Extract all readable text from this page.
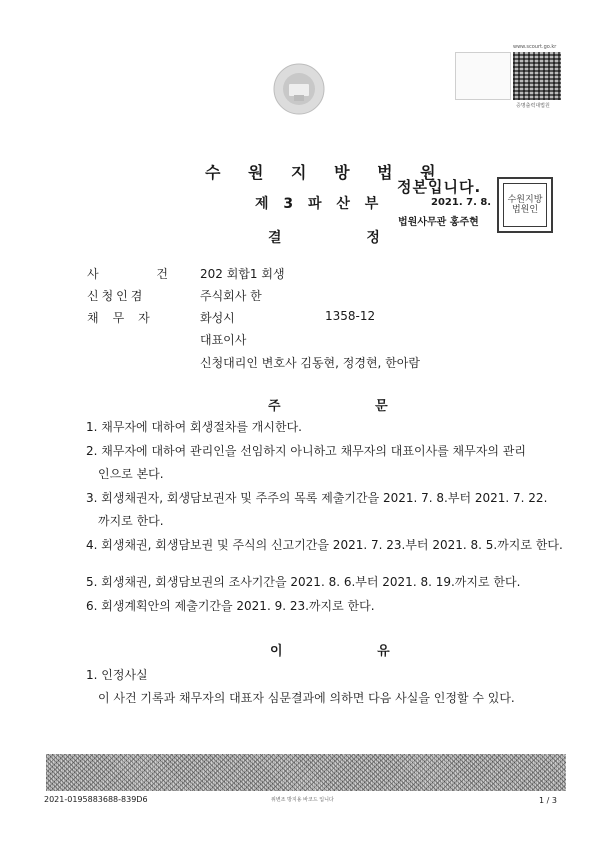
www.scourt.go.kr
증명출력대법원
수 원 지 방 법 원
제 3 파 산 부
결 정
정본입니다.
2021. 7. 8.
법원사무관 홍주현
수원지방법원인
사 건 202 회합1 회생
신청인겸	주식회사 한
채무자	화성시	1358-12
대표이사
신청대리인 변호사 김동현, 정경현, 한아람
주 문
1. 채무자에 대하여 회생절차를 개시한다.
2. 채무자에 대하여 관리인을 선임하지 아니하고 채무자의 대표이사를 채무자의 관리
인으로 본다.
3. 회생채권자, 회생담보권자 및 주주의 목록 제출기간을 2021. 7. 8.부터 2021. 7. 22.
까지로 한다.
4. 회생채권, 회생담보권 및 주식의 신고기간을 2021. 7. 23.부터 2021. 8. 5.까지로 한다.
5. 회생채권, 회생담보권의 조사기간을 2021. 8. 6.부터 2021. 8. 19.까지로 한다.
6. 회생계획안의 제출기간을 2021. 9. 23.까지로 한다.
이 유
1. 인정사실
이 사건 기록과 채무자의 대표자 심문결과에 의하면 다음 사실을 인정할 수 있다.
2021-0195883688-839D6	위변조 방지용 바코드 입니다	1 / 3
